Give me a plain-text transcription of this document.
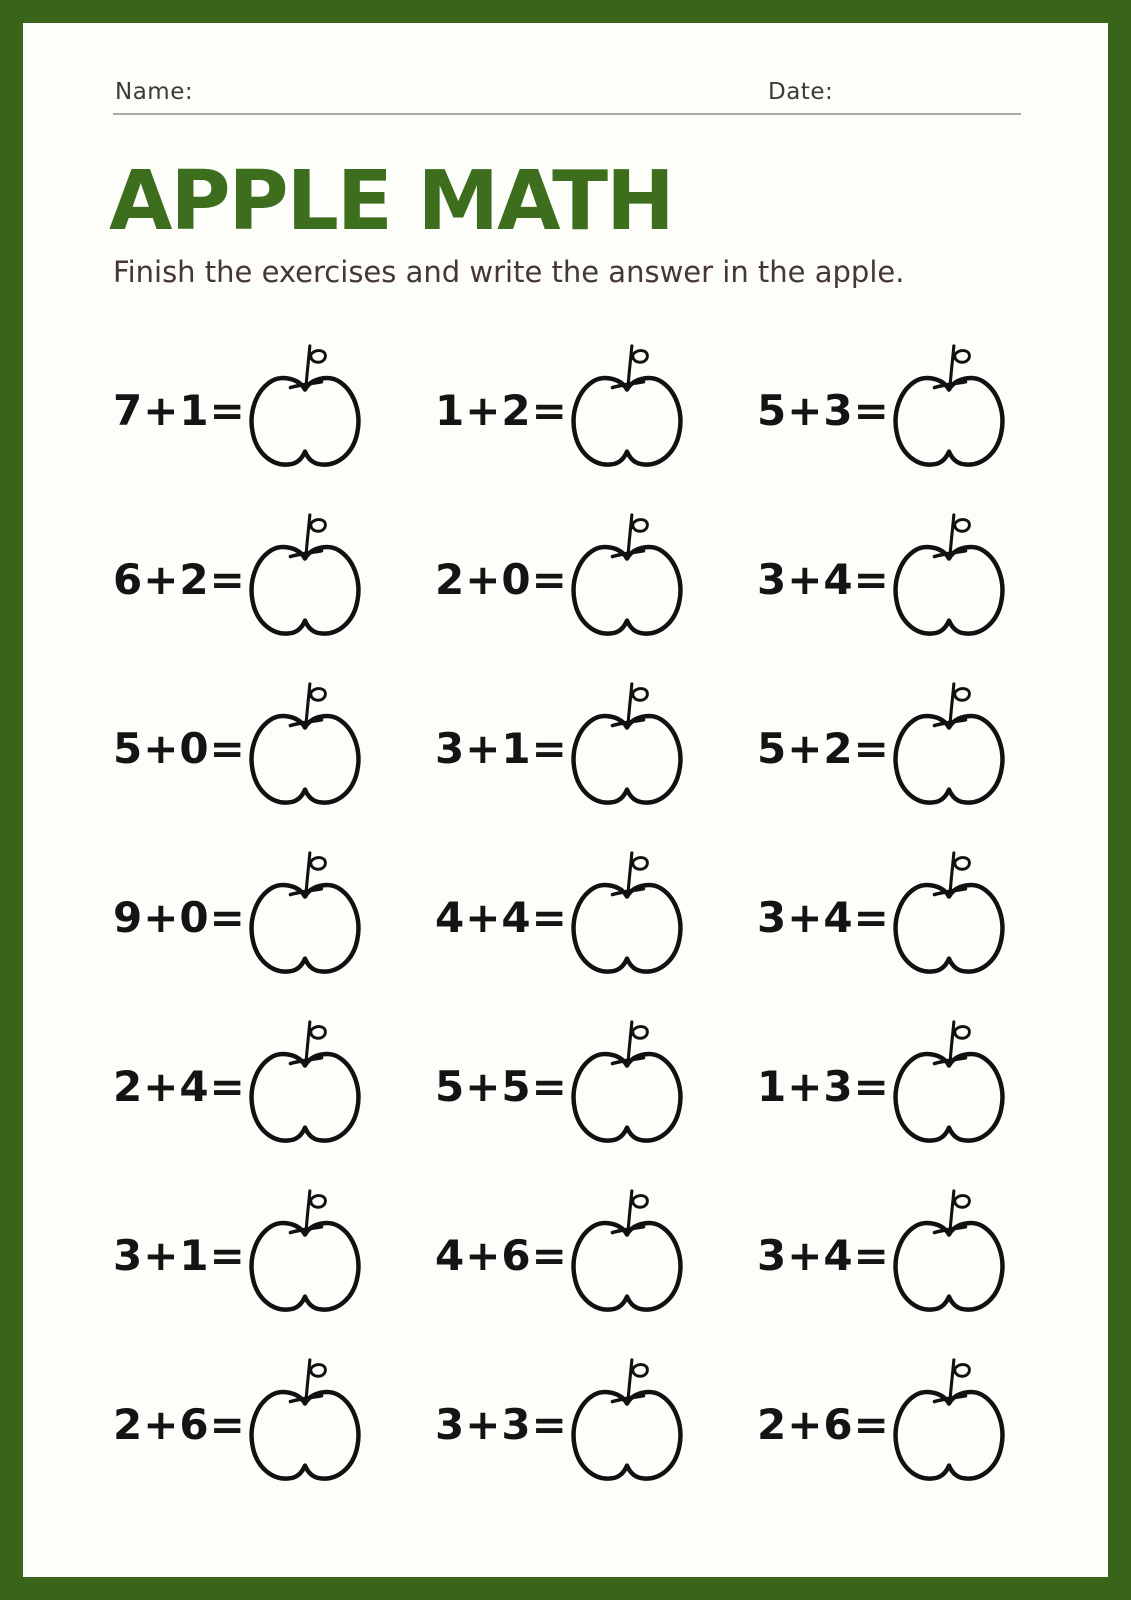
Name:	Date:
APPLE MATH
Finish the exercises and write the answer in the apple.
7+1=	1+2=	5+3=
6+2=	2+0=	3+4=
5+0=	3+1=	5+2=
9+0=	4+4=	3+4=
2+4=	5+5=	1+3=
3+1=	4+6=	3+4=
2+6=	3+3=	2+6=
